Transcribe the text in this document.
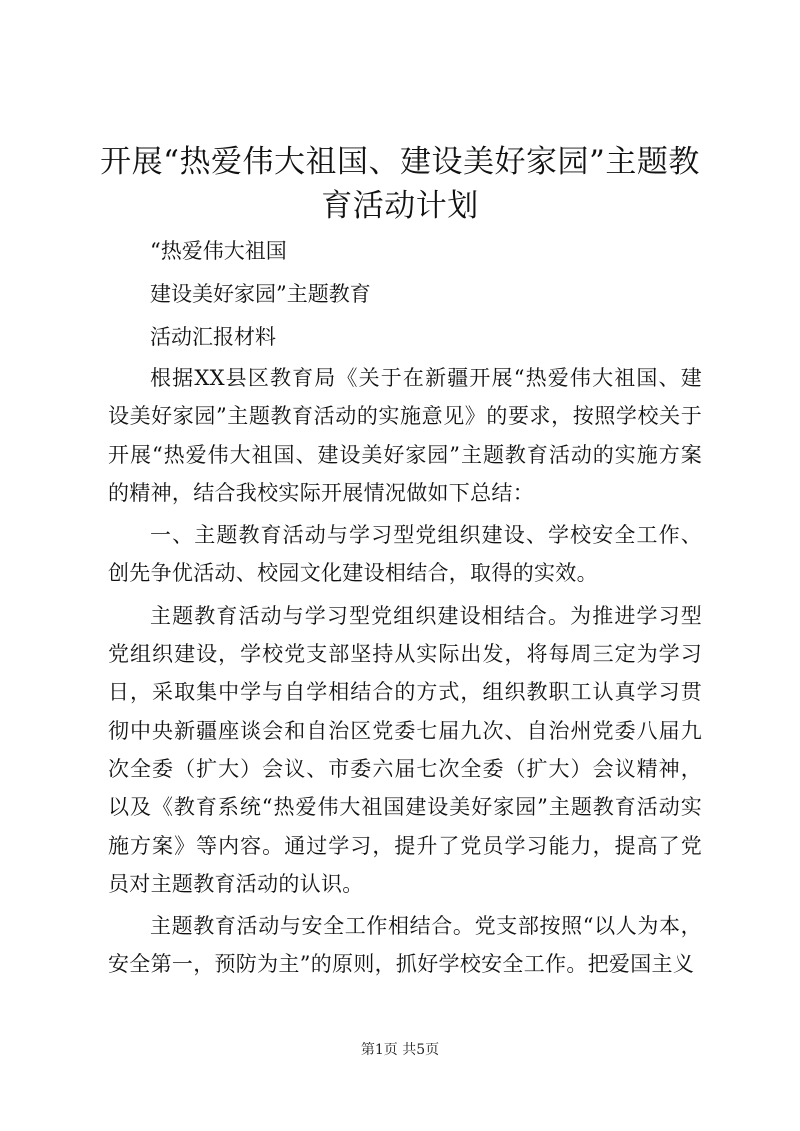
开展“热爱伟大祖国、建设美好家园”主题教育活动计划

“热爱伟大祖国

建设美好家园”主题教育

活动汇报材料

根据XX县区教育局《关于在新疆开展“热爱伟大祖国、建设美好家园”主题教育活动的实施意见》的要求，按照学校关于开展“热爱伟大祖国、建设美好家园”主题教育活动的实施方案的精神，结合我校实际开展情况做如下总结：

一、主题教育活动与学习型党组织建设、学校安全工作、创先争优活动、校园文化建设相结合，取得的实效。

主题教育活动与学习型党组织建设相结合。为推进学习型党组织建设，学校党支部坚持从实际出发，将每周三定为学习日，采取集中学与自学相结合的方式，组织教职工认真学习贯彻中央新疆座谈会和自治区党委七届九次、自治州党委八届九次全委（扩大）会议、市委六届七次全委（扩大）会议精神，以及《教育系统“热爱伟大祖国建设美好家园”主题教育活动实施方案》等内容。通过学习，提升了党员学习能力，提高了党员对主题教育活动的认识。

主题教育活动与安全工作相结合。党支部按照“以人为本，安全第一，预防为主”的原则，抓好学校安全工作。把爱国主义

第1页 共5页
